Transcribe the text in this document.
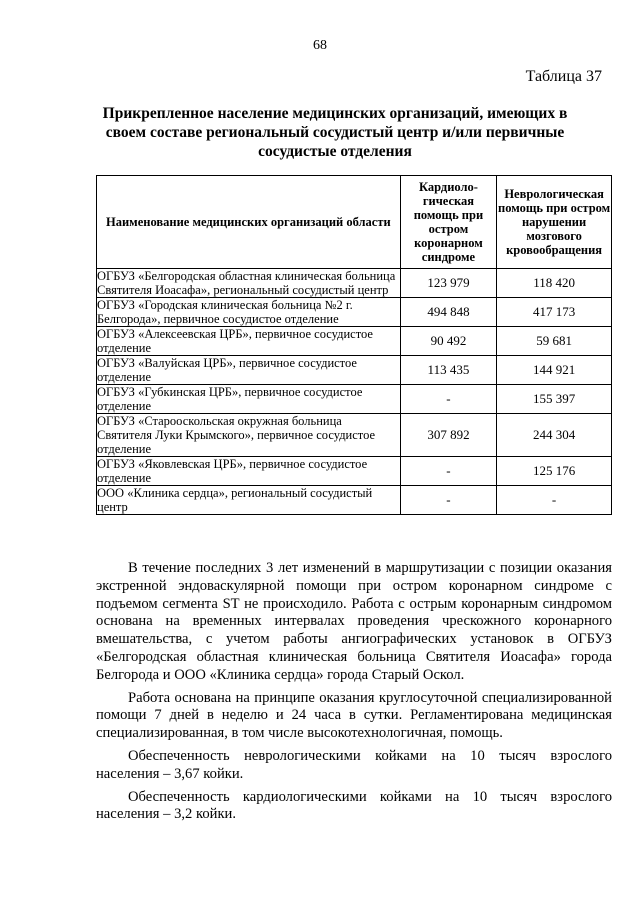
68
Таблица 37
Прикрепленное население медицинских организаций, имеющих в своем составе региональный сосудистый центр и/или первичные сосудистые отделения
Наименование медицинских организаций области	Кардиоло-гическая помощь при остром коронарном синдроме	Неврологическая помощь при остром нарушении мозгового кровообращения
ОГБУЗ «Белгородская областная клиническая больница Святителя Иоасафа», региональный сосудистый центр	123 979	118 420
ОГБУЗ «Городская клиническая больница №2 г. Белгорода», первичное сосудистое отделение	494 848	417 173
ОГБУЗ «Алексеевская ЦРБ», первичное сосудистое отделение	90 492	59 681
ОГБУЗ «Валуйская ЦРБ», первичное сосудистое отделение	113 435	144 921
ОГБУЗ «Губкинская ЦРБ», первичное сосудистое отделение	-	155 397
ОГБУЗ «Старооскольская окружная больница Святителя Луки Крымского», первичное сосудистое отделение	307 892	244 304
ОГБУЗ «Яковлевская ЦРБ», первичное сосудистое отделение	-	125 176
ООО «Клиника сердца», региональный сосудистый центр	-	-

В течение последних 3 лет изменений в маршрутизации с позиции оказания экстренной эндоваскулярной помощи при остром коронарном синдроме с подъемом сегмента ST не происходило. Работа с острым коронарным синдромом основана на временных интервалах проведения чрескожного коронарного вмешательства, с учетом работы ангиографических установок в ОГБУЗ «Белгородская областная клиническая больница Святителя Иоасафа» города Белгорода и ООО «Клиника сердца» города Старый Оскол.

Работа основана на принципе оказания круглосуточной специализированной помощи 7 дней в неделю и 24 часа в сутки. Регламентирована медицинская специализированная, в том числе высокотехнологичная, помощь.

Обеспеченность неврологическими койками на 10 тысяч взрослого населения – 3,67 койки.

Обеспеченность кардиологическими койками на 10 тысяч взрослого населения – 3,2 койки.
